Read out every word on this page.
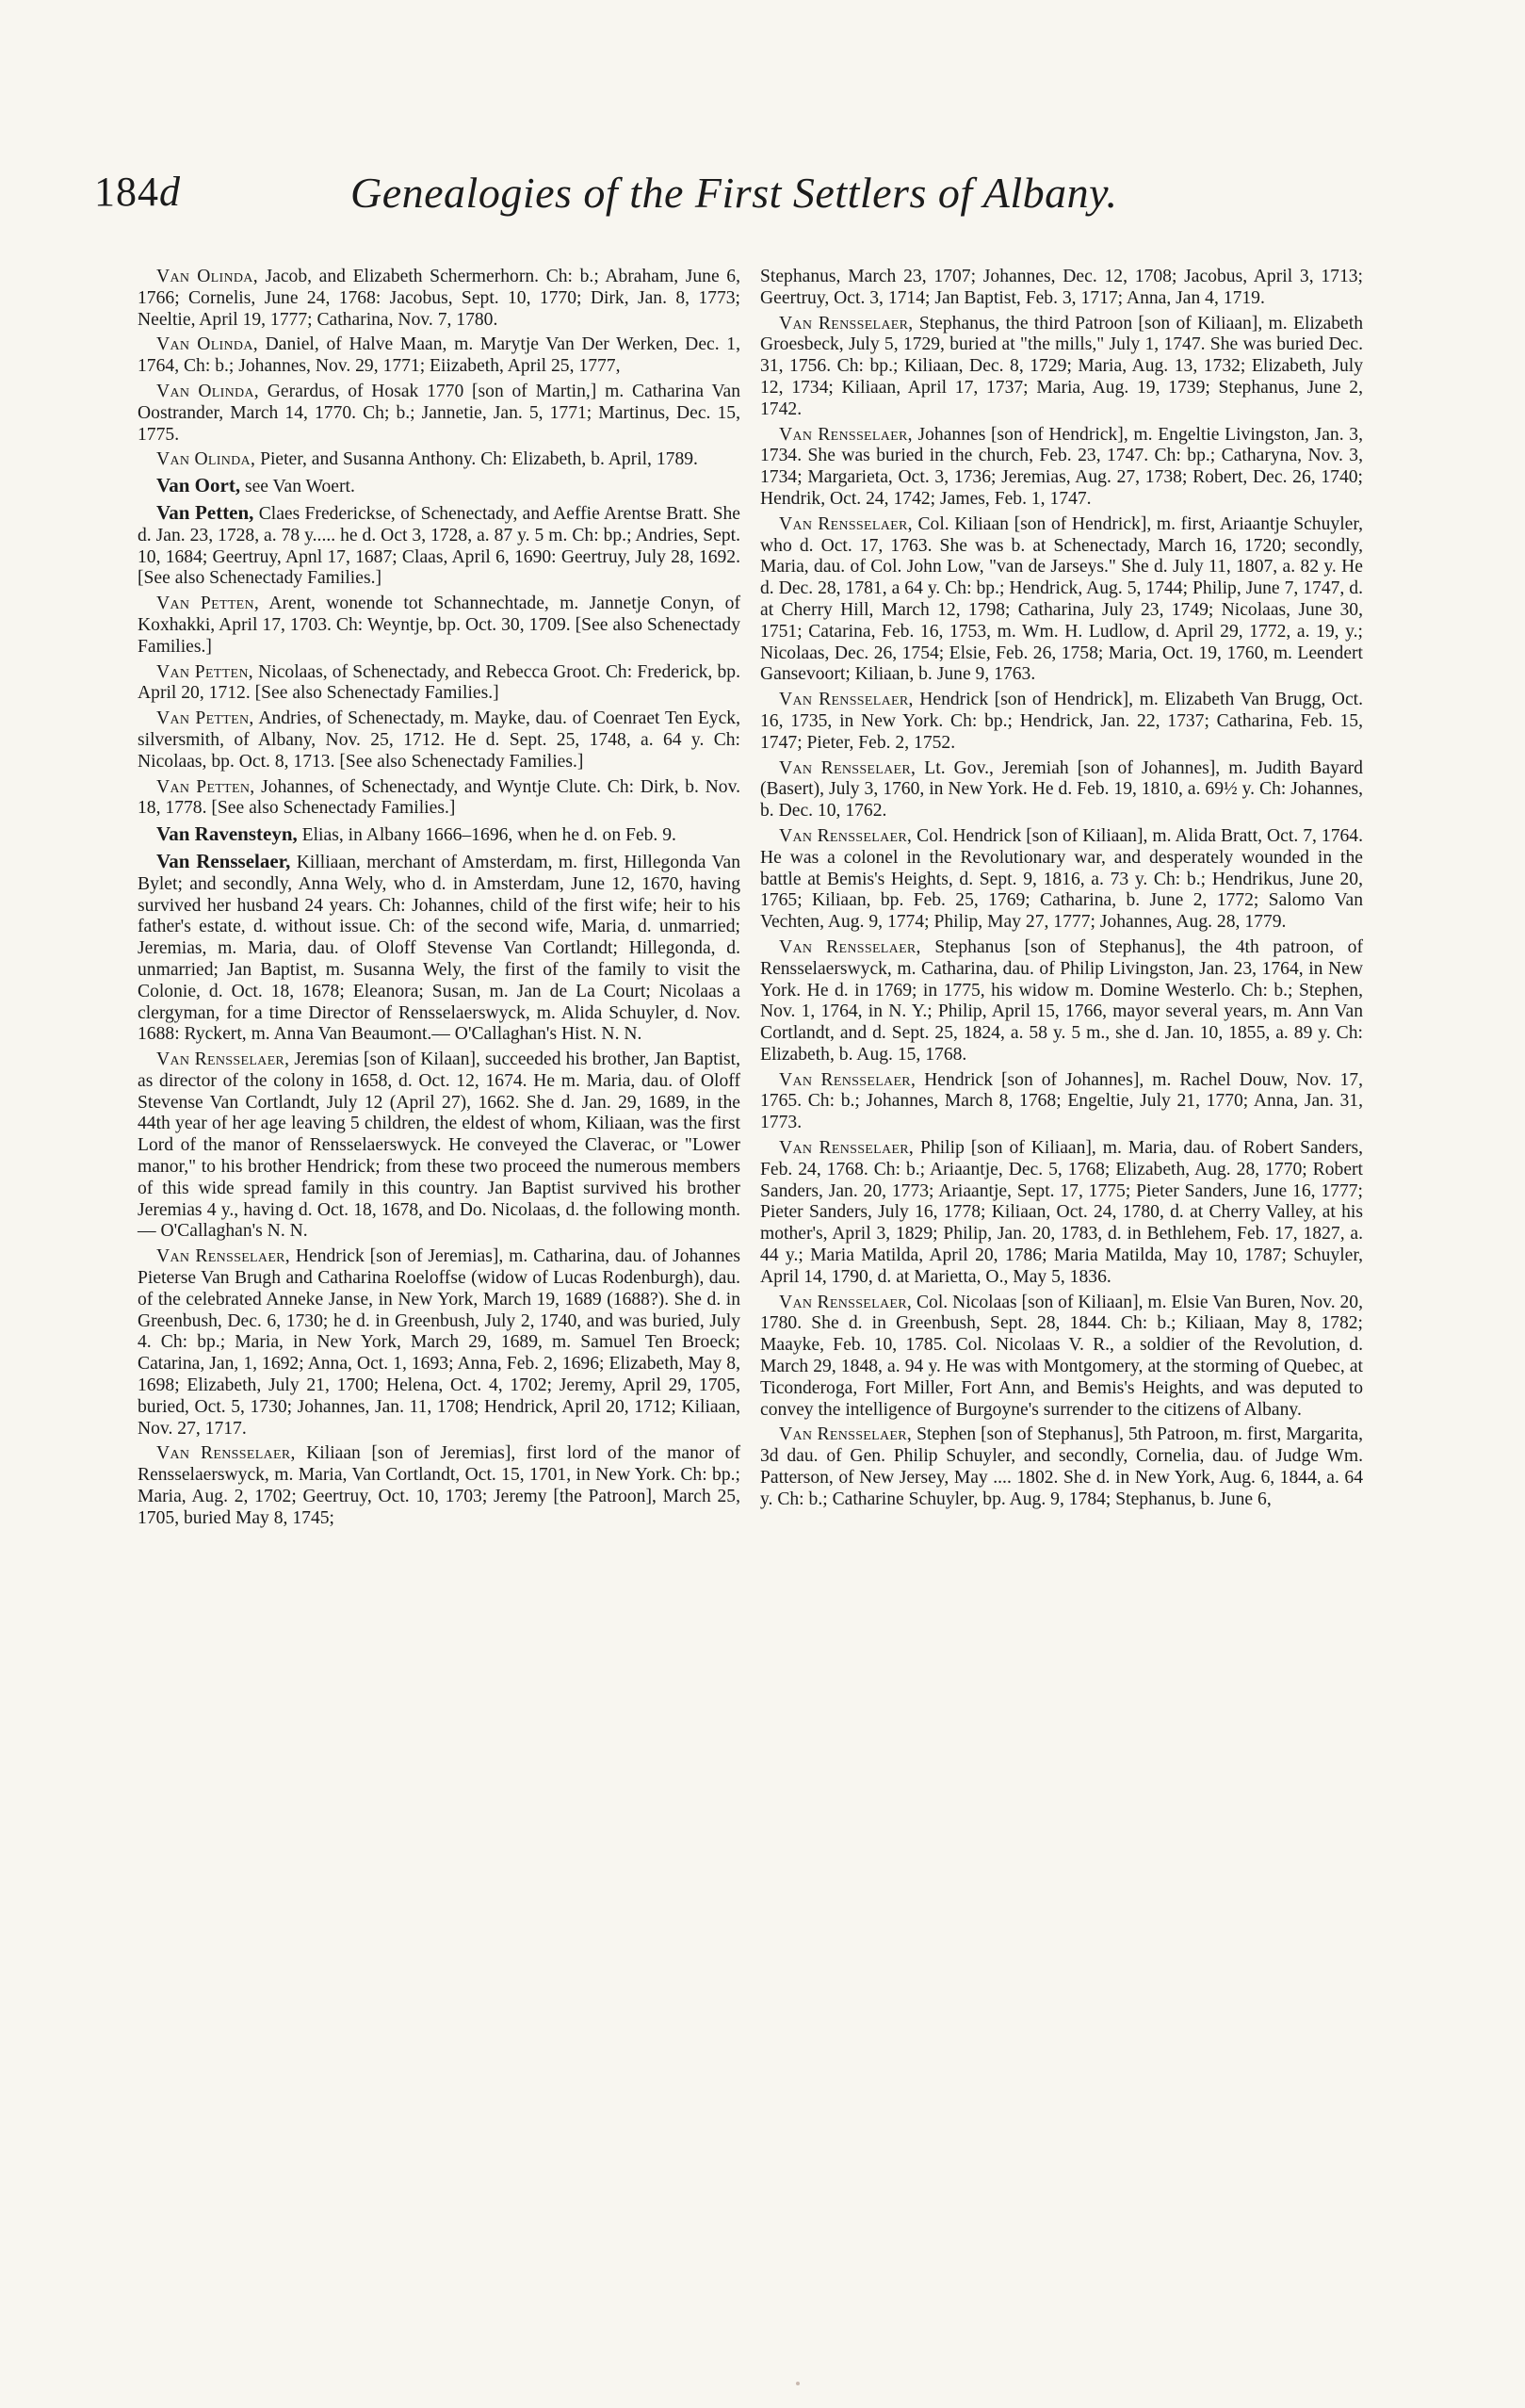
184d	Genealogies of the First Settlers of Albany.

Van Olinda, Jacob, and Elizabeth Schermerhorn. Ch: b.; Abraham, June 6, 1766; Cornelis, June 24, 1768: Jacobus, Sept. 10, 1770; Dirk, Jan. 8, 1773; Neeltie, April 19, 1777; Catharina, Nov. 7, 1780.

Van Olinda, Daniel, of Halve Maan, m. Marytje Van Der Werken, Dec. 1, 1764, Ch: b.; Johannes, Nov. 29, 1771; Eiizabeth, April 25, 1777,

Van Olinda, Gerardus, of Hosak 1770 [son of Martin,] m. Catharina Van Oostrander, March 14, 1770. Ch; b.; Jannetie, Jan. 5, 1771; Martinus, Dec. 15, 1775.

Van Olinda, Pieter, and Susanna Anthony. Ch: Elizabeth, b. April, 1789.

Van Oort, see Van Woert.

Van Petten, Claes Frederickse, of Schenectady, and Aeffie Arentse Bratt. She d. Jan. 23, 1728, a. 78 y..... he d. Oct 3, 1728, a. 87 y. 5 m. Ch: bp.; Andries, Sept. 10, 1684; Geertruy, Apnl 17, 1687; Claas, April 6, 1690: Geertruy, July 28, 1692. [See also Schenectady Families.]

Van Petten, Arent, wonende tot Schannechtade, m. Jannetje Conyn, of Koxhakki, April 17, 1703. Ch: Weyntje, bp. Oct. 30, 1709. [See also Schenectady Families.]

Van Petten, Nicolaas, of Schenectady, and Rebecca Groot. Ch: Frederick, bp. April 20, 1712. [See also Schenectady Families.]

Van Petten, Andries, of Schenectady, m. Mayke, dau. of Coenraet Ten Eyck, silversmith, of Albany, Nov. 25, 1712. He d. Sept. 25, 1748, a. 64 y. Ch: Nicolaas, bp. Oct. 8, 1713. [See also Schenectady Families.]

Van Petten, Johannes, of Schenectady, and Wyntje Clute. Ch: Dirk, b. Nov. 18, 1778. [See also Schenectady Families.]

Van Ravensteyn, Elias, in Albany 1666–1696, when he d. on Feb. 9.

Van Rensselaer, Killiaan, merchant of Amsterdam, m. first, Hillegonda Van Bylet; and secondly, Anna Wely, who d. in Amsterdam, June 12, 1670, having survived her husband 24 years. Ch: Johannes, child of the first wife; heir to his father's estate, d. without issue. Ch: of the second wife, Maria, d. unmarried; Jeremias, m. Maria, dau. of Oloff Stevense Van Cortlandt; Hillegonda, d. unmarried; Jan Baptist, m. Susanna Wely, the first of the family to visit the Colonie, d. Oct. 18, 1678; Eleanora; Susan, m. Jan de La Court; Nicolaas a clergyman, for a time Director of Rensselaerswyck, m. Alida Schuyler, d. Nov. 1688: Ryckert, m. Anna Van Beaumont.— O'Callaghan's Hist. N. N.

Van Rensselaer, Jeremias [son of Kilaan], succeeded his brother, Jan Baptist, as director of the colony in 1658, d. Oct. 12, 1674. He m. Maria, dau. of Oloff Stevense Van Cortlandt, July 12 (April 27), 1662. She d. Jan. 29, 1689, in the 44th year of her age leaving 5 children, the eldest of whom, Kiliaan, was the first Lord of the manor of Rensselaerswyck. He conveyed the Claverac, or "Lower manor," to his brother Hendrick; from these two proceed the numerous members of this wide spread family in this country. Jan Baptist survived his brother Jeremias 4 y., having d. Oct. 18, 1678, and Do. Nicolaas, d. the following month.— O'Callaghan's N. N.

Van Rensselaer, Hendrick [son of Jeremias], m. Catharina, dau. of Johannes Pieterse Van Brugh and Catharina Roeloffse (widow of Lucas Rodenburgh), dau. of the celebrated Anneke Janse, in New York, March 19, 1689 (1688?). She d. in Greenbush, Dec. 6, 1730; he d. in Greenbush, July 2, 1740, and was buried, July 4. Ch: bp.; Maria, in New York, March 29, 1689, m. Samuel Ten Broeck; Catarina, Jan, 1, 1692; Anna, Oct. 1, 1693; Anna, Feb. 2, 1696; Elizabeth, May 8, 1698; Elizabeth, July 21, 1700; Helena, Oct. 4, 1702; Jeremy, April 29, 1705, buried, Oct. 5, 1730; Johannes, Jan. 11, 1708; Hendrick, April 20, 1712; Kiliaan, Nov. 27, 1717.

Van Rensselaer, Kiliaan [son of Jeremias], first lord of the manor of Rensselaerswyck, m. Maria, Van Cortlandt, Oct. 15, 1701, in New York. Ch: bp.; Maria, Aug. 2, 1702; Geertruy, Oct. 10, 1703; Jeremy [the Patroon], March 25, 1705, buried May 8, 1745;

Stephanus, March 23, 1707; Johannes, Dec. 12, 1708; Jacobus, April 3, 1713; Geertruy, Oct. 3, 1714; Jan Baptist, Feb. 3, 1717; Anna, Jan 4, 1719.

Van Rensselaer, Stephanus, the third Patroon [son of Kiliaan], m. Elizabeth Groesbeck, July 5, 1729, buried at "the mills," July 1, 1747. She was buried Dec. 31, 1756. Ch: bp.; Kiliaan, Dec. 8, 1729; Maria, Aug. 13, 1732; Elizabeth, July 12, 1734; Kiliaan, April 17, 1737; Maria, Aug. 19, 1739; Stephanus, June 2, 1742.

Van Rensselaer, Johannes [son of Hendrick], m. Engeltie Livingston, Jan. 3, 1734. She was buried in the church, Feb. 23, 1747. Ch: bp.; Catharyna, Nov. 3, 1734; Margarieta, Oct. 3, 1736; Jeremias, Aug. 27, 1738; Robert, Dec. 26, 1740; Hendrik, Oct. 24, 1742; James, Feb. 1, 1747.

Van Rensselaer, Col. Kiliaan [son of Hendrick], m. first, Ariaantje Schuyler, who d. Oct. 17, 1763. She was b. at Schenectady, March 16, 1720; secondly, Maria, dau. of Col. John Low, "van de Jarseys." She d. July 11, 1807, a. 82 y. He d. Dec. 28, 1781, a 64 y. Ch: bp.; Hendrick, Aug. 5, 1744; Philip, June 7, 1747, d. at Cherry Hill, March 12, 1798; Catharina, July 23, 1749; Nicolaas, June 30, 1751; Catarina, Feb. 16, 1753, m. Wm. H. Ludlow, d. April 29, 1772, a. 19, y.; Nicolaas, Dec. 26, 1754; Elsie, Feb. 26, 1758; Maria, Oct. 19, 1760, m. Leendert Gansevoort; Kiliaan, b. June 9, 1763.

Van Rensselaer, Hendrick [son of Hendrick], m. Elizabeth Van Brugg, Oct. 16, 1735, in New York. Ch: bp.; Hendrick, Jan. 22, 1737; Catharina, Feb. 15, 1747; Pieter, Feb. 2, 1752.

Van Rensselaer, Lt. Gov., Jeremiah [son of Johannes], m. Judith Bayard (Basert), July 3, 1760, in New York. He d. Feb. 19, 1810, a. 69½ y. Ch: Johannes, b. Dec. 10, 1762.

Van Rensselaer, Col. Hendrick [son of Kiliaan], m. Alida Bratt, Oct. 7, 1764. He was a colonel in the Revolutionary war, and desperately wounded in the battle at Bemis's Heights, d. Sept. 9, 1816, a. 73 y. Ch: b.; Hendrikus, June 20, 1765; Kiliaan, bp. Feb. 25, 1769; Catharina, b. June 2, 1772; Salomo Van Vechten, Aug. 9, 1774; Philip, May 27, 1777; Johannes, Aug. 28, 1779.

Van Rensselaer, Stephanus [son of Stephanus], the 4th patroon, of Rensselaerswyck, m. Catharina, dau. of Philip Livingston, Jan. 23, 1764, in New York. He d. in 1769; in 1775, his widow m. Domine Westerlo. Ch: b.; Stephen, Nov. 1, 1764, in N. Y.; Philip, April 15, 1766, mayor several years, m. Ann Van Cortlandt, and d. Sept. 25, 1824, a. 58 y. 5 m., she d. Jan. 10, 1855, a. 89 y. Ch: Elizabeth, b. Aug. 15, 1768.

Van Rensselaer, Hendrick [son of Johannes], m. Rachel Douw, Nov. 17, 1765. Ch: b.; Johannes, March 8, 1768; Engeltie, July 21, 1770; Anna, Jan. 31, 1773.

Van Rensselaer, Philip [son of Kiliaan], m. Maria, dau. of Robert Sanders, Feb. 24, 1768. Ch: b.; Ariaantje, Dec. 5, 1768; Elizabeth, Aug. 28, 1770; Robert Sanders, Jan. 20, 1773; Ariaantje, Sept. 17, 1775; Pieter Sanders, June 16, 1777; Pieter Sanders, July 16, 1778; Kiliaan, Oct. 24, 1780, d. at Cherry Valley, at his mother's, April 3, 1829; Philip, Jan. 20, 1783, d. in Bethlehem, Feb. 17, 1827, a. 44 y.; Maria Matilda, April 20, 1786; Maria Matilda, May 10, 1787; Schuyler, April 14, 1790, d. at Marietta, O., May 5, 1836.

Van Rensselaer, Col. Nicolaas [son of Kiliaan], m. Elsie Van Buren, Nov. 20, 1780. She d. in Greenbush, Sept. 28, 1844. Ch: b.; Kiliaan, May 8, 1782; Maayke, Feb. 10, 1785. Col. Nicolaas V. R., a soldier of the Revolution, d. March 29, 1848, a. 94 y. He was with Montgomery, at the storming of Quebec, at Ticonderoga, Fort Miller, Fort Ann, and Bemis's Heights, and was deputed to convey the intelligence of Burgoyne's surrender to the citizens of Albany.

Van Rensselaer, Stephen [son of Stephanus], 5th Patroon, m. first, Margarita, 3d dau. of Gen. Philip Schuyler, and secondly, Cornelia, dau. of Judge Wm. Patterson, of New Jersey, May .... 1802. She d. in New York, Aug. 6, 1844, a. 64 y. Ch: b.; Catharine Schuyler, bp. Aug. 9, 1784; Stephanus, b. June 6,
